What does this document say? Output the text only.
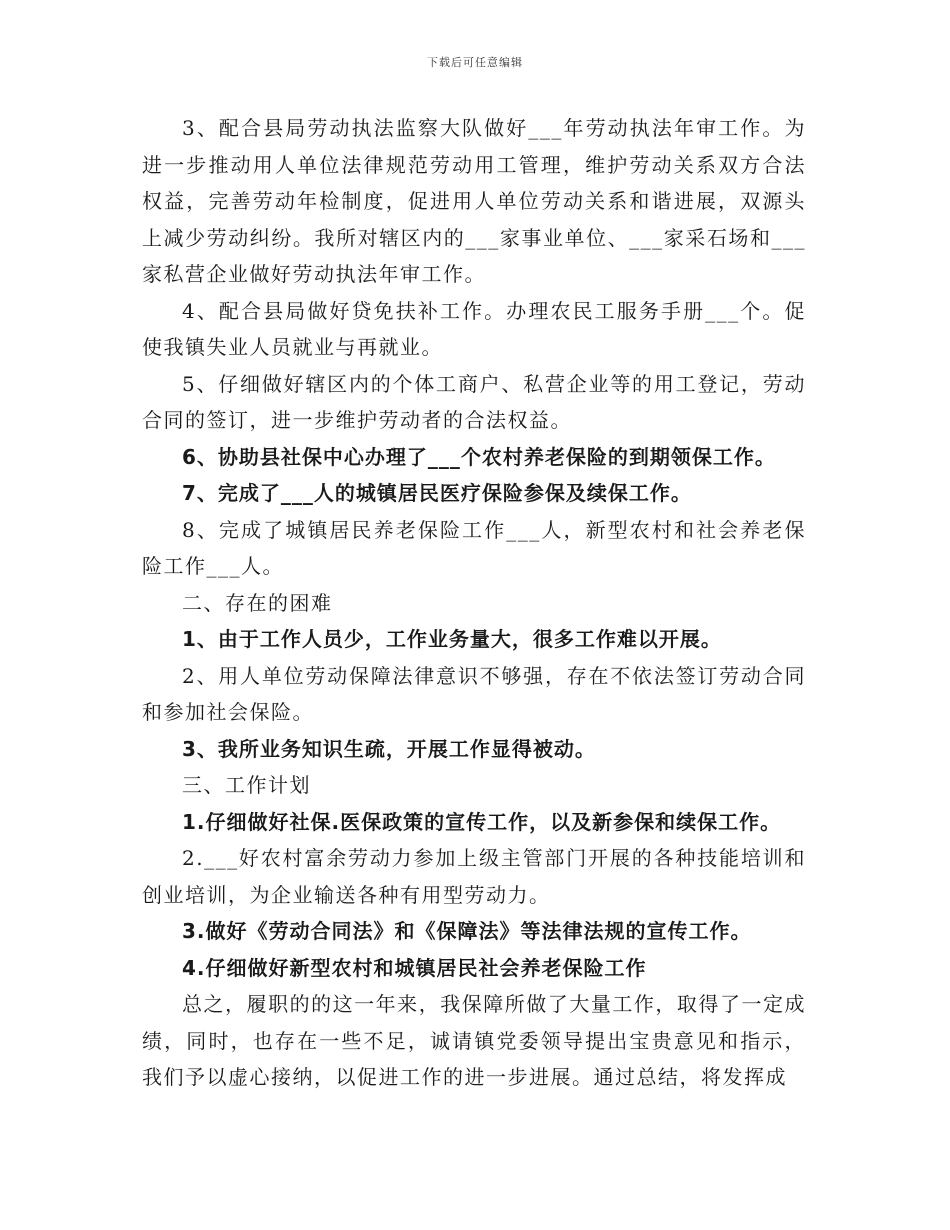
下载后可任意编辑

3、配合县局劳动执法监察大队做好___年劳动执法年审工作。为进一步推动用人单位法律规范劳动用工管理，维护劳动关系双方合法权益，完善劳动年检制度，促进用人单位劳动关系和谐进展，双源头上减少劳动纠纷。我所对辖区内的___家事业单位、___家采石场和___家私营企业做好劳动执法年审工作。

4、配合县局做好贷免扶补工作。办理农民工服务手册___个。促使我镇失业人员就业与再就业。

5、仔细做好辖区内的个体工商户、私营企业等的用工登记，劳动合同的签订，进一步维护劳动者的合法权益。

6、协助县社保中心办理了___个农村养老保险的到期领保工作。

7、完成了___人的城镇居民医疗保险参保及续保工作。

8、完成了城镇居民养老保险工作___人，新型农村和社会养老保险工作___人。

二、存在的困难

1、由于工作人员少，工作业务量大，很多工作难以开展。

2、用人单位劳动保障法律意识不够强，存在不依法签订劳动合同和参加社会保险。

3、我所业务知识生疏，开展工作显得被动。

三、工作计划

1.仔细做好社保.医保政策的宣传工作，以及新参保和续保工作。

2.___好农村富余劳动力参加上级主管部门开展的各种技能培训和创业培训，为企业输送各种有用型劳动力。

3.做好《劳动合同法》和《保障法》等法律法规的宣传工作。

4.仔细做好新型农村和城镇居民社会养老保险工作

总之，履职的的这一年来，我保障所做了大量工作，取得了一定成绩，同时，也存在一些不足，诚请镇党委领导提出宝贵意见和指示，我们予以虚心接纳，以促进工作的进一步进展。通过总结，将发挥成
